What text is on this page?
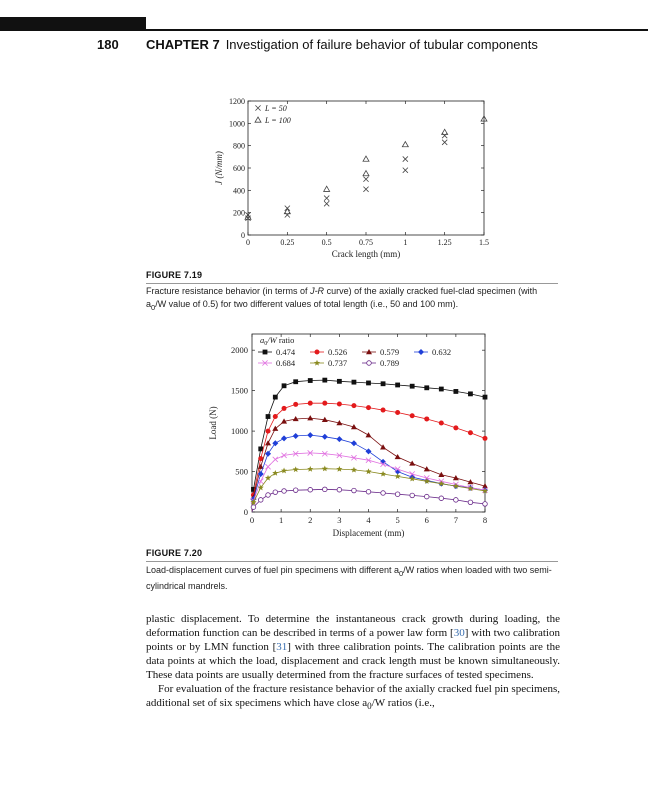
180 CHAPTER 7 Investigation of failure behavior of tubular components
0	0.25	0.5	0.75	1	1.25	1.5
0
200
400
600
800
1000
1200
Crack length (mm)
J (N/mm)
L = 50
L = 100
FIGURE 7.19
Fracture resistance behavior (in terms of J-R curve) of the axially cracked fuel-clad specimen (with $a_0/W$ value of 0.5) for two different values of total length (i.e., 50 and 100 mm).
0	1	2	3	4	5	6	7	8
0
500
1000
1500
2000
Displacement (mm)
Load (N)
$a_0/W$ ratio
0.474	0.526	0.579	0.632
0.684	0.737	0.789
FIGURE 7.20
Load-displacement curves of fuel pin specimens with different $a_0/W$ ratios when loaded with two semi-cylindrical mandrels.

plastic displacement. To determine the instantaneous crack growth during loading, the deformation function can be described in terms of a power law form [30] with two calibration points or by LMN function [31] with three calibration points. The calibration points are the data points at which the load, displacement and crack length must be known simultaneously. These data points are usually determined from the fracture surfaces of tested specimens.

For evaluation of the fracture resistance behavior of the axially cracked fuel pin specimens, additional set of six specimens which have close $a_0/W$ ratios (i.e.,
